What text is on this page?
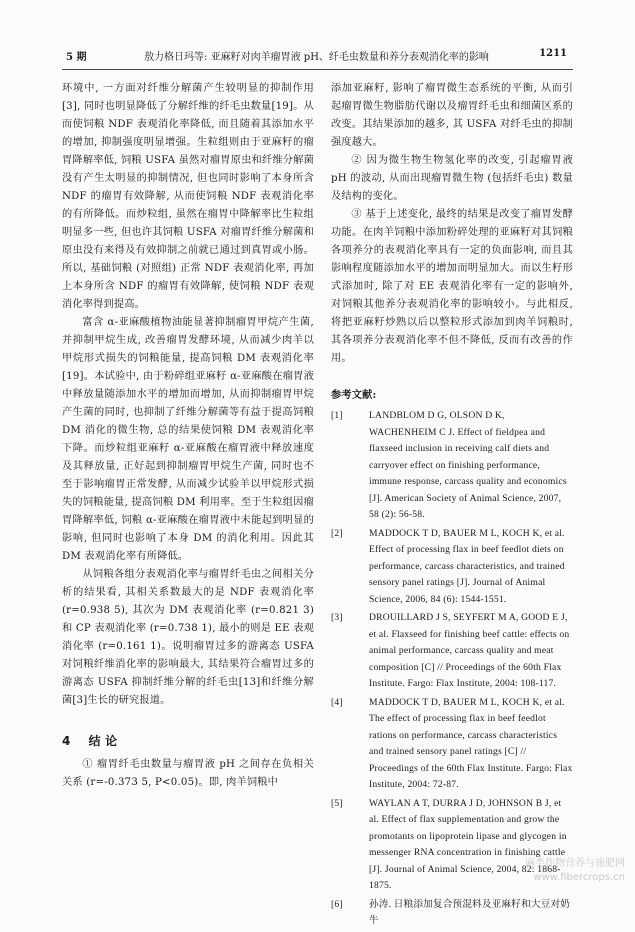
5 期	敖力格日玛等: 亚麻籽对肉羊瘤胃液 pH、纤毛虫数量和养分表观消化率的影响	1211

环境中, 一方面对纤维分解菌产生较明显的抑制作用[3], 同时也明显降低了分解纤维的纤毛虫数量[19]。从而使饲粮 NDF 表观消化率降低, 而且随着其添加水平的增加, 抑制强度明显增强。生粒组则由于亚麻籽的瘤胃降解率低, 饲粮 USFA 虽然对瘤胃原虫和纤维分解菌没有产生太明显的抑制情况, 但也同时影响了本身所含 NDF 的瘤胃有效降解, 从而使饲粮 NDF 表观消化率的有所降低。而炒粒组, 虽然在瘤胃中降解率比生粒组明显多一些, 但也许其饲粮 USFA 对瘤胃纤维分解菌和原虫没有来得及有效抑制之前就已通过到真胃或小肠。所以, 基础饲粮 (对照组) 正常 NDF 表观消化率, 再加上本身所含 NDF 的瘤胃有效降解, 使饲粮 NDF 表观消化率得到提高。

富含 α-亚麻酸植物油能显著抑制瘤胃甲烷产生菌, 并抑制甲烷生成, 改善瘤胃发酵环境, 从而减少肉羊以甲烷形式损失的饲粮能量, 提高饲粮 DM 表观消化率[19]。本试验中, 由于粉碎组亚麻籽 α-亚麻酸在瘤胃液中释放量随添加水平的增加而增加, 从而抑制瘤胃甲烷产生菌的同时, 也抑制了纤维分解菌等有益于提高饲粮 DM 消化的微生物, 总的结果使饲粮 DM 表观消化率下降。而炒粒组亚麻籽 α-亚麻酸在瘤胃液中释放速度及其释放量, 正好起到抑制瘤胃甲烷生产菌, 同时也不至于影响瘤胃正常发酵, 从而减少试验羊以甲烷形式损失的饲粮能量, 提高饲粮 DM 利用率。至于生粒组因瘤胃降解率低, 饲粮 α-亚麻酸在瘤胃液中未能起到明显的影响, 但同时也影响了本身 DM 的消化利用。因此其 DM 表观消化率有所降低。

从饲粮各组分表观消化率与瘤胃纤毛虫之间相关分析的结果看, 其相关系数最大的是 NDF 表观消化率 (r=0.938 5), 其次为 DM 表观消化率 (r=0.821 3) 和 CP 表观消化率 (r=0.738 1), 最小的则是 EE 表观消化率 (r=0.161 1)。说明瘤胃过多的游离态 USFA 对饲粮纤维消化率的影响最大, 其结果符合瘤胃过多的游离态 USFA 抑制纤维分解的纤毛虫[13]和纤维分解菌[3]生长的研究报道。

4 结 论

① 瘤胃纤毛虫数量与瘤胃液 pH 之间存在负相关关系 (r=-0.373 5, P<0.05)。即, 肉羊饲粮中

添加亚麻籽, 影响了瘤胃微生态系统的平衡, 从而引起瘤胃微生物脂肪代谢以及瘤胃纤毛虫和细菌区系的改变。其结果添加的越多, 其 USFA 对纤毛虫的抑制强度越大。

② 因为微生物生物氢化率的改变, 引起瘤胃液 pH 的波动, 从而出现瘤胃微生物 (包括纤毛虫) 数量及结构的变化。

③ 基于上述变化, 最终的结果是改变了瘤胃发酵功能。在肉羊饲粮中添加粉碎处理的亚麻籽对其饲粮各项养分的表观消化率具有一定的负面影响, 而且其影响程度随添加水平的增加而明显加大。而以生籽形式添加时, 除了对 EE 表观消化率有一定的影响外, 对饲粮其他养分表观消化率的影响较小。与此相反, 将把亚麻籽炒熟以后以整粒形式添加到肉羊饲粮时, 其各项养分表观消化率不但不降低, 反而有改善的作用。

参考文献:
[1]	LANDBLOM D G, OLSON D K, WACHENHEIM C J. Effect of fieldpea and flaxseed inclusion in receiving calf diets and carryover effect on finishing performance, immune response, carcass quality and economics [J]. American Society of Animal Science, 2007, 58 (2): 56-58.
[2]	MADDOCK T D, BAUER M L, KOCH K, et al. Effect of processing flax in beef feedlot diets on performance, carcass characteristics, and trained sensory panel ratings [J]. Journal of Animal Science, 2006, 84 (6): 1544-1551.
[3]	DROUILLARD J S, SEYFERT M A, GOOD E J, et al. Flaxseed for finishing beef cattle: effects on animal performance, carcass quality and meat composition [C] // Proceedings of the 60th Flax Institute. Fargo: Flax Institute, 2004: 108-117.
[4]	MADDOCK T D, BAUER M L, KOCH K, et al. The effect of processing flax in beef feedlot rations on performance, carcass characteristics and trained sensory panel ratings [C] // Proceedings of the 60th Flax Institute. Fargo: Flax Institute, 2004: 72-87.
[5]	WAYLAN A T, DURRA J D, JOHNSON B J, et al. Effect of flax supplementation and grow the promotants on lipoprotein lipase and glycogen in messenger RNA concentration in finishing cattle [J]. Journal of Animal Science, 2004, 82: 1868-1875.
[6]	孙涛. 日粮添加复合预混料及亚麻籽和大豆对奶牛
麻类作物营养与施肥网
www.fibercrops.cn
